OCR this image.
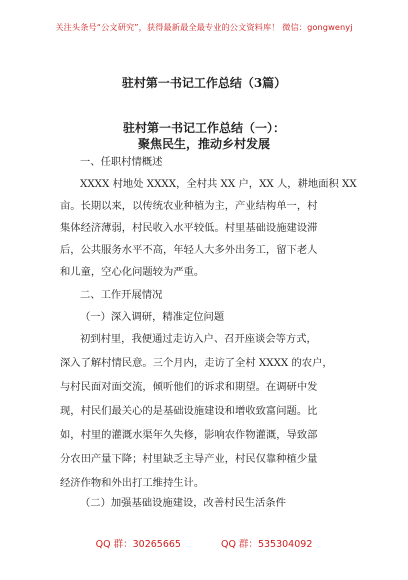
关注头条号“公文研究”，获得最新最全最专业的公文资料库！ 微信：gongwenyj
驻村第一书记工作总结（3篇）
驻村第一书记工作总结（一）：
聚焦民生，推动乡村发展
一、任职村情概述
XXXX 村地处 XXXX，全村共 XX 户，XX 人，耕地面积 XX
亩。长期以来，以传统农业种植为主，产业结构单一，村
集体经济薄弱，村民收入水平较低。村里基础设施建设滞
后，公共服务水平不高，年轻人大多外出务工，留下老人
和儿童，空心化问题较为严重。
二、工作开展情况
（一）深入调研，精准定位问题
初到村里，我便通过走访入户、召开座谈会等方式，
深入了解村情民意。三个月内，走访了全村 XXXX 的农户，
与村民面对面交流，倾听他们的诉求和期望。在调研中发
现，村民们最关心的是基础设施建设和增收致富问题。比
如，村里的灌溉水渠年久失修，影响农作物灌溉，导致部
分农田产量下降；村里缺乏主导产业，村民仅靠种植少量
经济作物和外出打工维持生计。
（二）加强基础设施建设，改善村民生活条件
QQ 群：30265665	QQ 群：535304092
